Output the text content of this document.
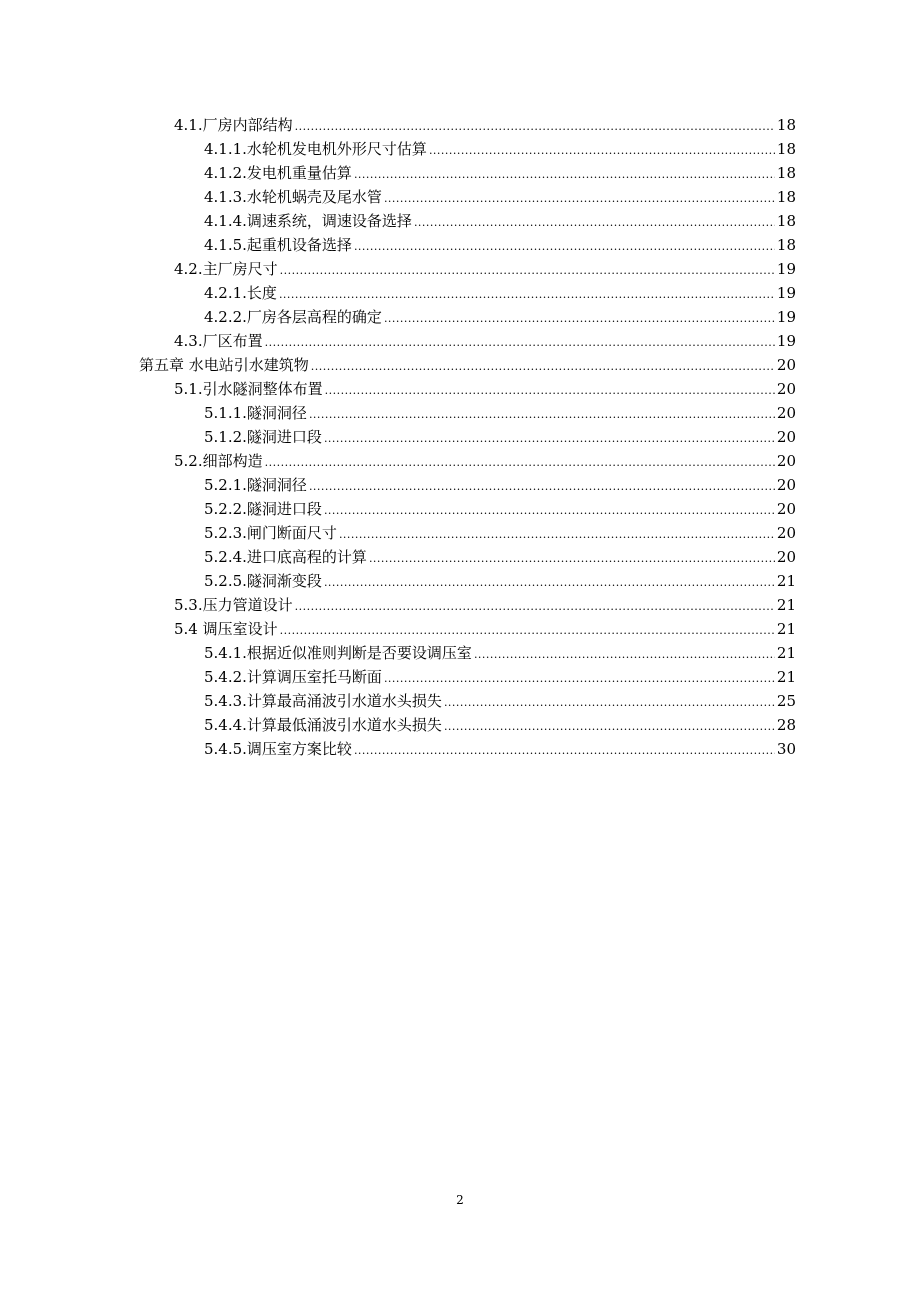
4.1.厂房内部结构 .....	18
4.1.1.水轮机发电机外形尺寸估算 .....	18
4.1.2.发电机重量估算 .....	18
4.1.3.水轮机蜗壳及尾水管 .....	18
4.1.4.调速系统，调速设备选择 .....	18
4.1.5.起重机设备选择 .....	18
4.2.主厂房尺寸 .....	19
4.2.1.长度 .....	19
4.2.2.厂房各层高程的确定 .....	19
4.3.厂区布置 .....	19
第五章 水电站引水建筑物 .....	20
5.1.引水隧洞整体布置 .....	20
5.1.1.隧洞洞径 .....	20
5.1.2.隧洞进口段 .....	20
5.2.细部构造 .....	20
5.2.1.隧洞洞径 .....	20
5.2.2.隧洞进口段 .....	20
5.2.3.闸门断面尺寸 .....	20
5.2.4.进口底高程的计算 .....	20
5.2.5.隧洞渐变段 .....	21
5.3.压力管道设计 .....	21
5.4 调压室设计 .....	21
5.4.1.根据近似准则判断是否要设调压室 .....	21
5.4.2.计算调压室托马断面 .....	21
5.4.3.计算最高涌波引水道水头损失 .....	25
5.4.4.计算最低涌波引水道水头损失 .....	28
5.4.5.调压室方案比较 .....	30
2
